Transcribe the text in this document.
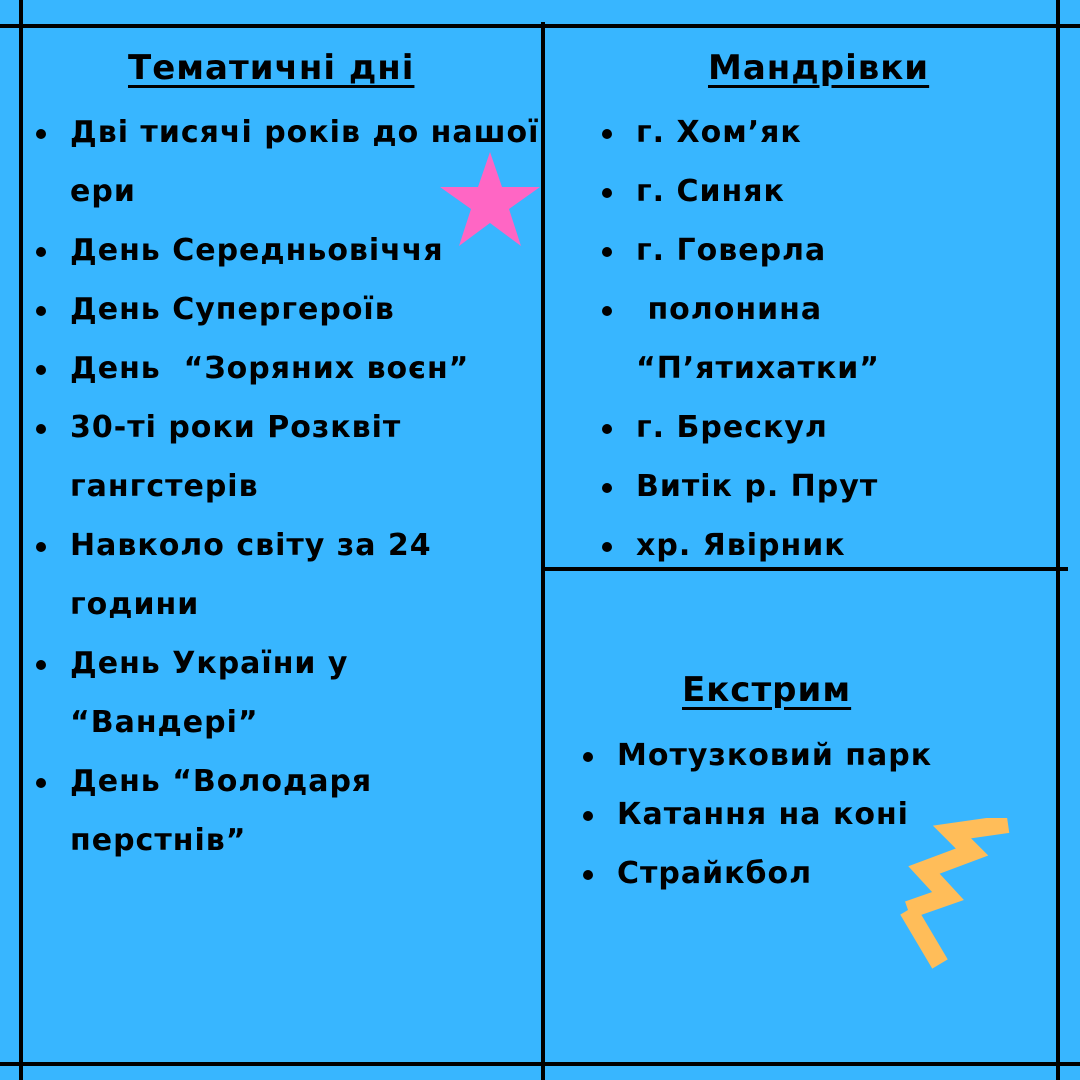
Тематичні дні
Дві тисячі років до нашої ери
День Середньовіччя
День Супергероїв
День  “Зоряних воєн”
30-ті роки Розквіт гангстерів
Навколо світу за 24 години
День України у “Вандері”
День “Володаря перстнів”
Мандрівки
г. Хом’як
г. Синяк
г. Говерла
полонина “П’ятихатки”
г. Брескул
Витік р. Прут
хр. Явірник
Екстрим
Мотузковий парк
Катання на коні
Страйкбол
